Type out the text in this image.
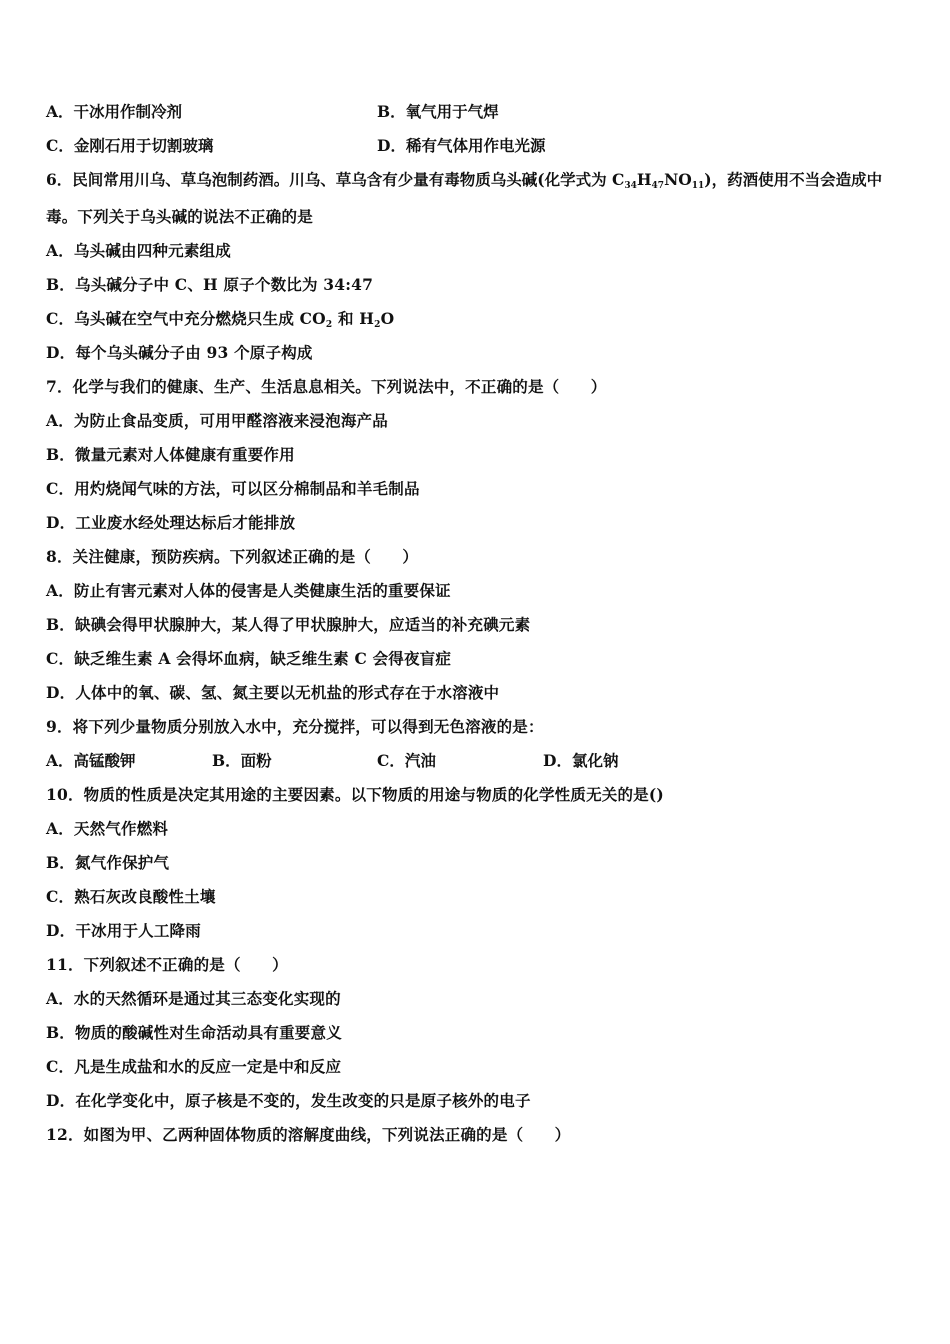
A．干冰用作制冷剂	B．氧气用于气焊
C．金刚石用于切割玻璃	D．稀有气体用作电光源
6．民间常用川乌、草乌泡制药酒。川乌、草乌含有少量有毒物质乌头碱(化学式为 $C_{34}H_{47}NO_{11}$)，药酒使用不当会造成中
毒。下列关于乌头碱的说法不正确的是
A．乌头碱由四种元素组成
B．乌头碱分子中 C、H 原子个数比为 34:47
C．乌头碱在空气中充分燃烧只生成 $CO_2$ 和 $H_2O$
D．每个乌头碱分子由 93 个原子构成
7．化学与我们的健康、生产、生活息息相关。下列说法中，不正确的是（　　）
A．为防止食品变质，可用甲醛溶液来浸泡海产品
B．微量元素对人体健康有重要作用
C．用灼烧闻气味的方法，可以区分棉制品和羊毛制品
D．工业废水经处理达标后才能排放
8．关注健康，预防疾病。下列叙述正确的是（　　）
A．防止有害元素对人体的侵害是人类健康生活的重要保证
B．缺碘会得甲状腺肿大，某人得了甲状腺肿大，应适当的补充碘元素
C．缺乏维生素 A 会得坏血病，缺乏维生素 C 会得夜盲症
D．人体中的氧、碳、氢、氮主要以无机盐的形式存在于水溶液中
9．将下列少量物质分别放入水中，充分搅拌，可以得到无色溶液的是：
A．高锰酸钾	B．面粉	C．汽油	D．氯化钠
10．物质的性质是决定其用途的主要因素。以下物质的用途与物质的化学性质无关的是()
A．天然气作燃料
B．氮气作保护气
C．熟石灰改良酸性土壤
D．干冰用于人工降雨
11．下列叙述不正确的是（　　）
A．水的天然循环是通过其三态变化实现的
B．物质的酸碱性对生命活动具有重要意义
C．凡是生成盐和水的反应一定是中和反应
D．在化学变化中，原子核是不变的，发生改变的只是原子核外的电子
12．如图为甲、乙两种固体物质的溶解度曲线，下列说法正确的是（　　）
